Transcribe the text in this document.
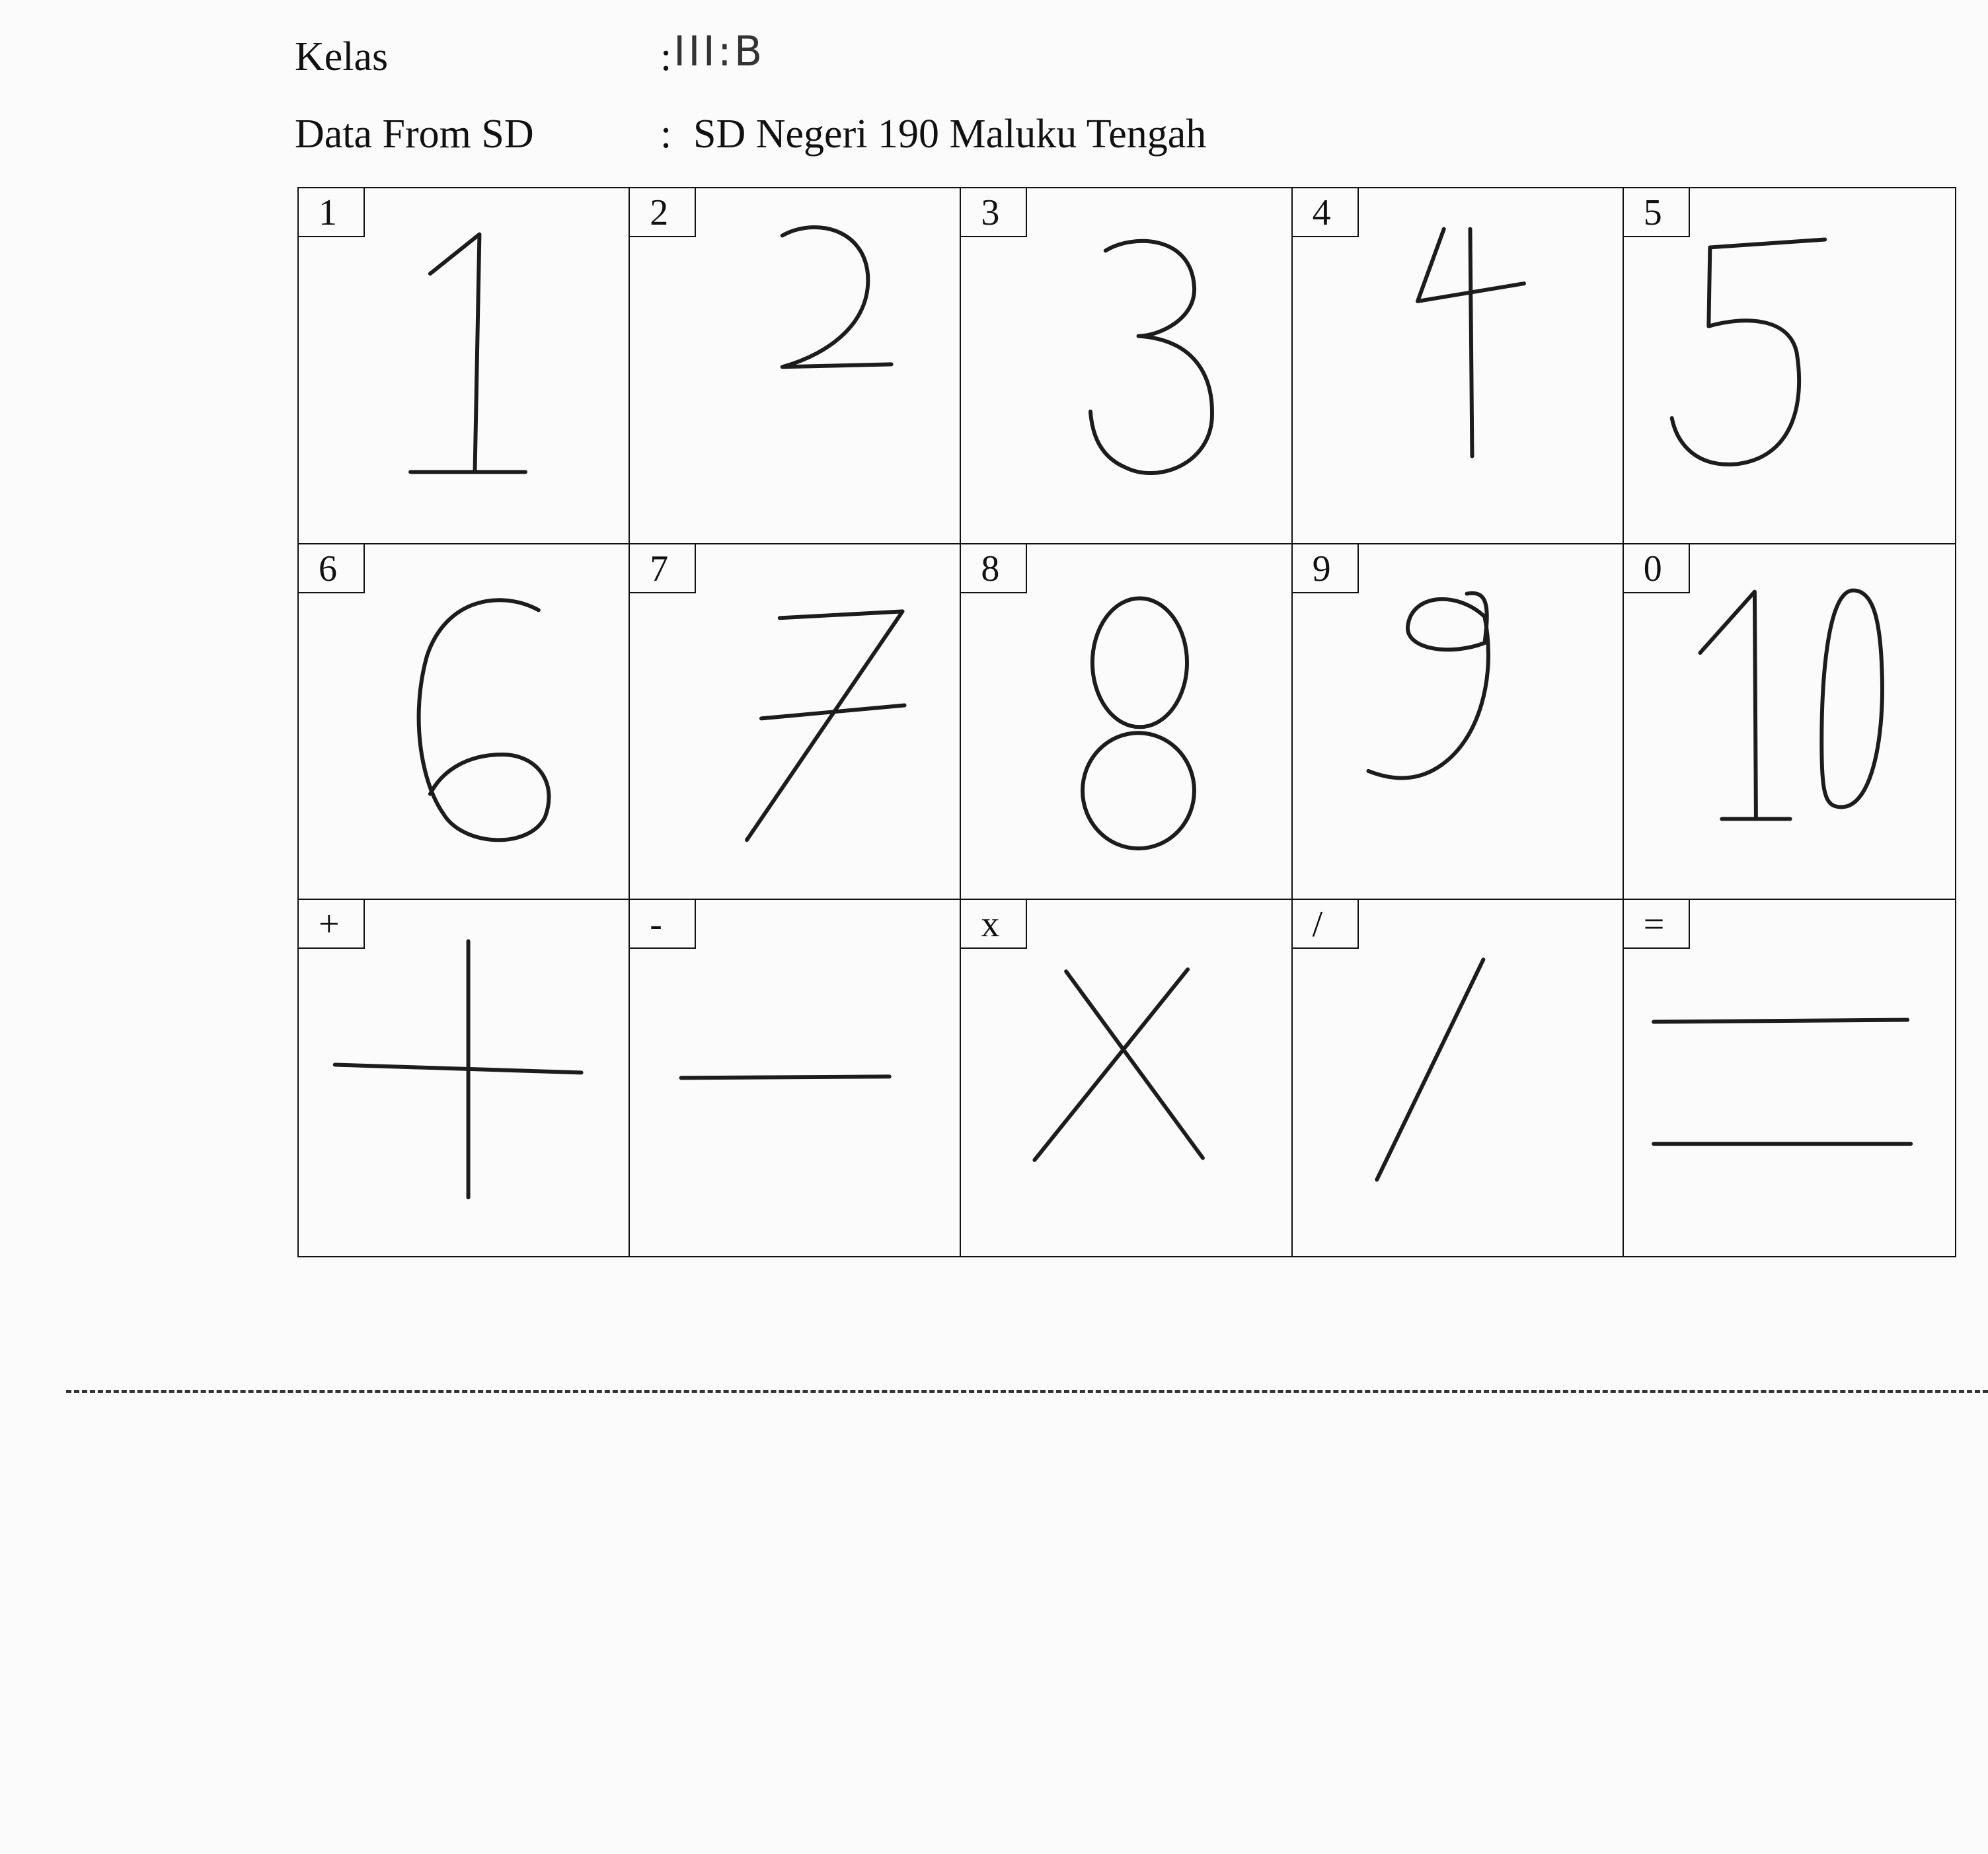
Kelas	: III:B
Data From SD	: SD Negeri 190 Maluku Tengah
1	2	3	4	5
6	7	8	9	0
+	-	x	/	=
